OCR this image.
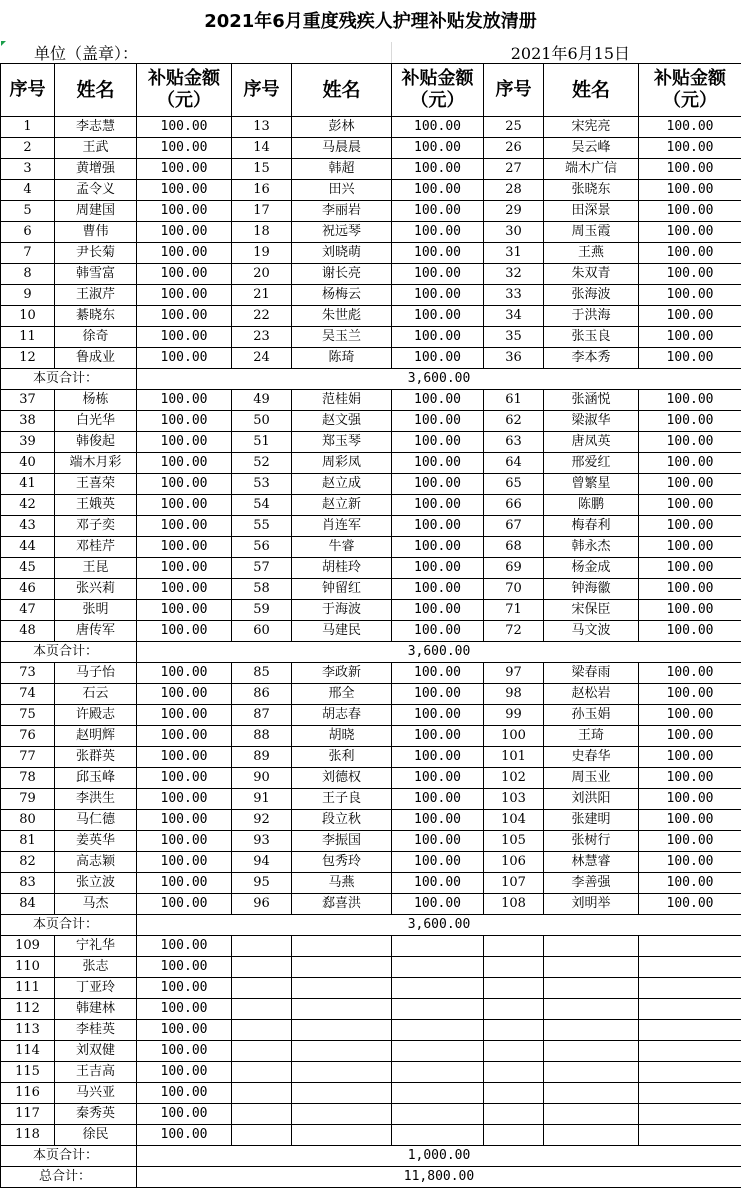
2021年6月重度残疾人护理补贴发放清册
单位（盖章）：	2021年6月15日
序号	姓名	补贴金额（元）	序号	姓名	补贴金额（元）	序号	姓名	补贴金额（元）
1	李志慧	100.00	13	彭林	100.00	25	宋宪亮	100.00
2	王武	100.00	14	马晨晨	100.00	26	吴云峰	100.00
3	黄增强	100.00	15	韩超	100.00	27	端木广信	100.00
4	孟令义	100.00	16	田兴	100.00	28	张晓东	100.00
5	周建国	100.00	17	李丽岩	100.00	29	田深景	100.00
6	曹伟	100.00	18	祝远琴	100.00	30	周玉霞	100.00
7	尹长菊	100.00	19	刘晓萌	100.00	31	王燕	100.00
8	韩雪富	100.00	20	谢长亮	100.00	32	朱双青	100.00
9	王淑芹	100.00	21	杨梅云	100.00	33	张海波	100.00
10	綦晓东	100.00	22	朱世彪	100.00	34	于洪海	100.00
11	徐奇	100.00	23	吴玉兰	100.00	35	张玉良	100.00
12	鲁成业	100.00	24	陈琦	100.00	36	李本秀	100.00
本页合计：		3,600.00						
37	杨栋	100.00	49	范桂娟	100.00	61	张涵悦	100.00
38	白光华	100.00	50	赵文强	100.00	62	梁淑华	100.00
39	韩俊起	100.00	51	郑玉琴	100.00	63	唐凤英	100.00
40	端木月彩	100.00	52	周彩凤	100.00	64	邢爱红	100.00
41	王喜荣	100.00	53	赵立成	100.00	65	曾繁星	100.00
42	王娥英	100.00	54	赵立新	100.00	66	陈鹏	100.00
43	邓子奕	100.00	55	肖连军	100.00	67	梅春利	100.00
44	邓桂芹	100.00	56	牛睿	100.00	68	韩永杰	100.00
45	王昆	100.00	57	胡桂玲	100.00	69	杨金成	100.00
46	张兴莉	100.00	58	钟留红	100.00	70	钟海徽	100.00
47	张明	100.00	59	于海波	100.00	71	宋保臣	100.00
48	唐传军	100.00	60	马建民	100.00	72	马文波	100.00
本页合计：		3,600.00						
73	马子怡	100.00	85	李政新	100.00	97	梁春雨	100.00
74	石云	100.00	86	邢全	100.00	98	赵松岩	100.00
75	许殿志	100.00	87	胡志春	100.00	99	孙玉娟	100.00
76	赵明辉	100.00	88	胡晓	100.00	100	王琦	100.00
77	张群英	100.00	89	张利	100.00	101	史春华	100.00
78	邱玉峰	100.00	90	刘德权	100.00	102	周玉业	100.00
79	李洪生	100.00	91	王子良	100.00	103	刘洪阳	100.00
80	马仁德	100.00	92	段立秋	100.00	104	张建明	100.00
81	姜英华	100.00	93	李振国	100.00	105	张树行	100.00
82	高志颖	100.00	94	包秀玲	100.00	106	林慧睿	100.00
83	张立波	100.00	95	马燕	100.00	107	李善强	100.00
84	马杰	100.00	96	郄喜洪	100.00	108	刘明举	100.00
本页合计：		3,600.00						
109	宁礼华	100.00						
110	张志	100.00						
111	丁亚玲	100.00						
112	韩建林	100.00						
113	李桂英	100.00						
114	刘双健	100.00						
115	王吉高	100.00						
116	马兴亚	100.00						
117	秦秀英	100.00						
118	徐民	100.00						
本页合计：		1,000.00						
总合计：		11,800.00						
